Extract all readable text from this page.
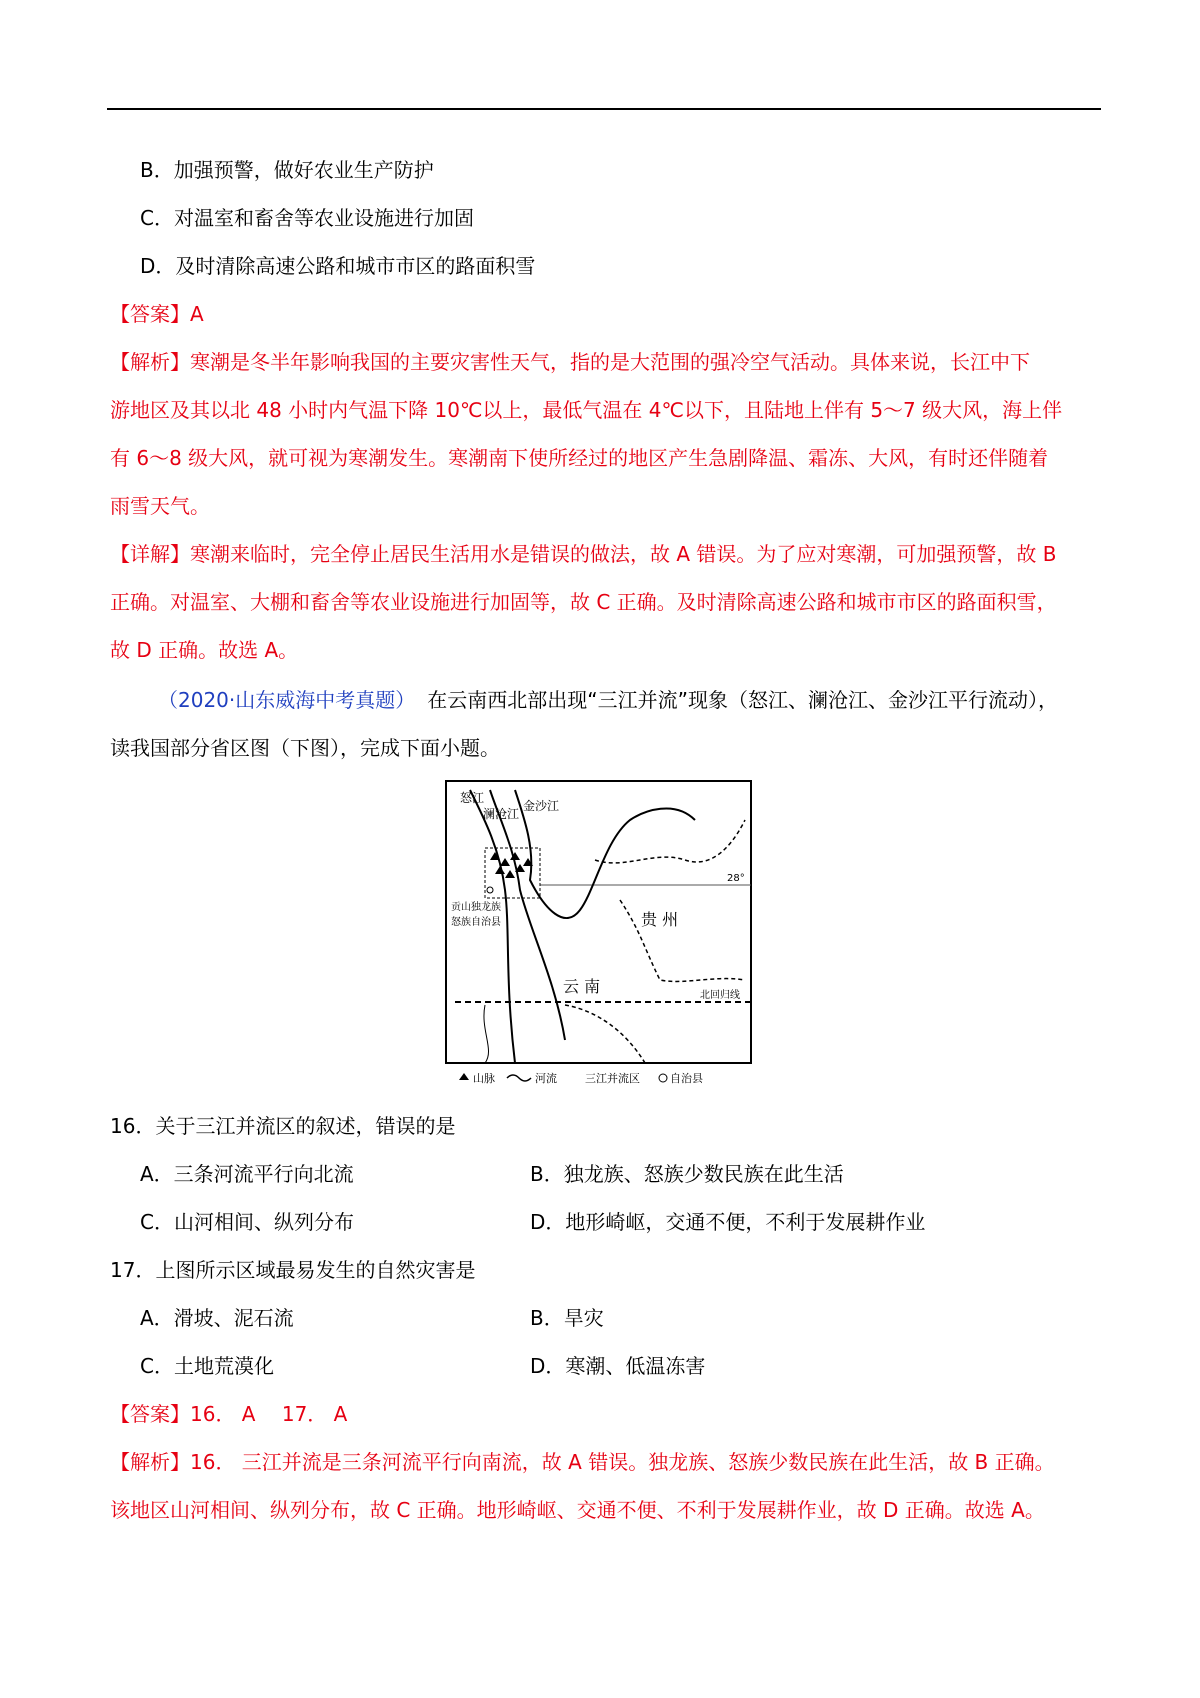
B．加强预警，做好农业生产防护
C．对温室和畜舍等农业设施进行加固
D．及时清除高速公路和城市市区的路面积雪
【答案】A
【解析】寒潮是冬半年影响我国的主要灾害性天气，指的是大范围的强冷空气活动。具体来说，长江中下
游地区及其以北 48 小时内气温下降 10℃以上，最低气温在 4℃以下，且陆地上伴有 5～7 级大风，海上伴
有 6～8 级大风，就可视为寒潮发生。寒潮南下使所经过的地区产生急剧降温、霜冻、大风，有时还伴随着
雨雪天气。
【详解】寒潮来临时，完全停止居民生活用水是错误的做法，故 A 错误。为了应对寒潮，可加强预警，故 B
正确。对温室、大棚和畜舍等农业设施进行加固等，故 C 正确。及时清除高速公路和城市市区的路面积雪，
故 D 正确。故选 A。
（2020·山东威海中考真题） 在云南西北部出现“三江并流”现象（怒江、澜沧江、金沙江平行流动），
读我国部分省区图（下图），完成下面小题。
28°
北回归线
怒江
澜沧江
金沙江
贡山独龙族
怒族自治县	贵 州
云 南
山脉	河流	三江并流区	自治县
16．关于三江并流区的叙述，错误的是
A．三条河流平行向北流	B．独龙族、怒族少数民族在此生活
C．山河相间、纵列分布	D．地形崎岖，交通不便，不利于发展耕作业
17．上图所示区域最易发生的自然灾害是
A．滑坡、泥石流	B．旱灾
C．土地荒漠化	D．寒潮、低温冻害
【答案】16． A　 17． A
【解析】16． 三江并流是三条河流平行向南流，故 A 错误。独龙族、怒族少数民族在此生活，故 B 正确。
该地区山河相间、纵列分布，故 C 正确。地形崎岖、交通不便、不利于发展耕作业，故 D 正确。故选 A。
